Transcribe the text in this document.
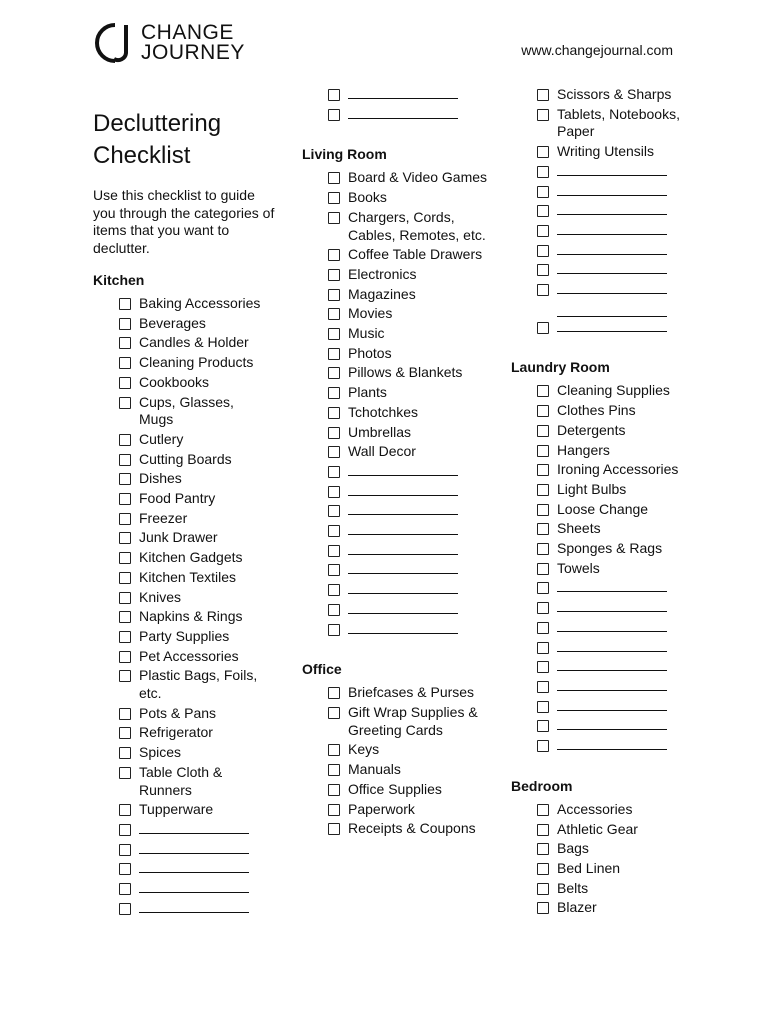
CHANGE
JOURNEY	www.changejournal.com
Decluttering
Checklist
Use this checklist to guide you through the categories of items that you want to declutter.
Kitchen
Baking Accessories
Beverages
Candles & Holder
Cleaning Products
Cookbooks
Cups, Glasses, Mugs
Cutlery
Cutting Boards
Dishes
Food Pantry
Freezer
Junk Drawer
Kitchen Gadgets
Kitchen Textiles
Knives
Napkins & Rings
Party Supplies
Pet Accessories
Plastic Bags, Foils, etc.
Pots & Pans
Refrigerator
Spices
Table Cloth & Runners
Tupperware
Living Room
Board & Video Games
Books
Chargers, Cords, Cables, Remotes, etc.
Coffee Table Drawers
Electronics
Magazines
Movies
Music
Photos
Pillows & Blankets
Plants
Tchotchkes
Umbrellas
Wall Decor
Office
Briefcases & Purses
Gift Wrap Supplies & Greeting Cards
Keys
Manuals
Office Supplies
Paperwork
Receipts & Coupons
Scissors & Sharps
Tablets, Notebooks, Paper
Writing Utensils
Laundry Room
Cleaning Supplies
Clothes Pins
Detergents
Hangers
Ironing Accessories
Light Bulbs
Loose Change
Sheets
Sponges & Rags
Towels
Bedroom
Accessories
Athletic Gear
Bags
Bed Linen
Belts
Blazer
